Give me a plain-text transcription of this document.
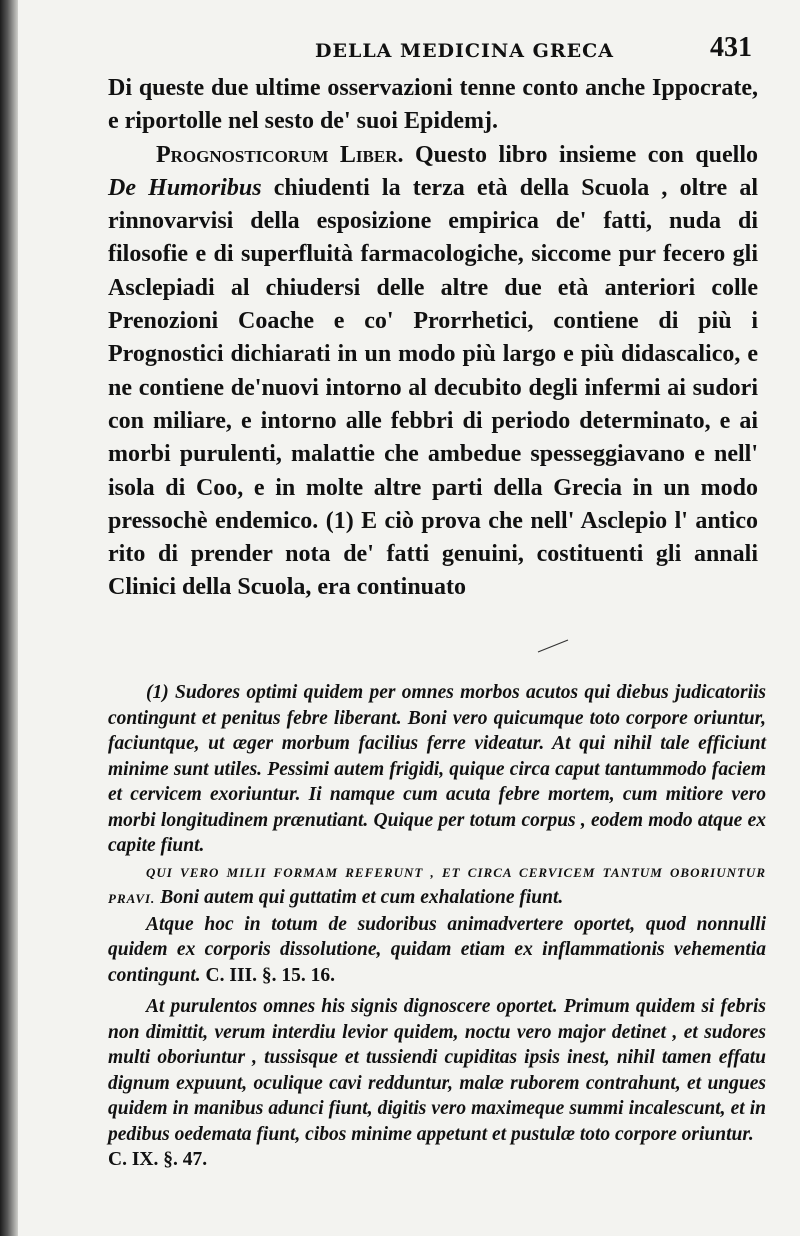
DELLA MEDICINA GRECA	431

Di queste due ultime osservazioni tenne conto anche Ippocrate, e riportolle nel sesto de' suoi Epidemj.

Prognosticorum Liber. Questo libro insieme con quello De Humoribus chiudenti la terza età della Scuola , oltre al rinnovarvisi della esposizione empirica de' fatti, nuda di filosofie e di superfluità farmacologiche, siccome pur fecero gli Asclepiadi al chiudersi delle altre due età anteriori colle Prenozioni Coache e co' Prorrhetici, contiene di più i Prognostici dichiarati in un modo più largo e più didascalico, e ne contiene de'nuovi intorno al decubito degli infermi ai sudori con miliare, e intorno alle febbri di periodo determinato, e ai morbi purulenti, malattie che ambedue spesseggiavano e nell' isola di Coo, e in molte altre parti della Grecia in un modo pressochè endemico. (1) E ciò prova che nell' Asclepio l' antico rito di prender nota de' fatti genuini, costituenti gli annali Clinici della Scuola, era continuato

(1) Sudores optimi quidem per omnes morbos acutos qui diebus judicatoriis contingunt et penitus febre liberant. Boni vero quicumque toto corpore oriuntur, faciuntque, ut æger morbum facilius ferre videatur. At qui nihil tale efficiunt minime sunt utiles. Pessimi autem frigidi, quique circa caput tantummodo faciem et cervicem exoriuntur. Ii namque cum acuta febre mortem, cum mitiore vero morbi longitudinem prænutiant. Quique per totum corpus , eodem modo atque ex capite fiunt.

QUI VERO MILII FORMAM REFERUNT , ET CIRCA CERVICEM TANTUM OBORIUNTUR PRAVI. Boni autem qui guttatim et cum exhalatione fiunt.

Atque hoc in totum de sudoribus animadvertere oportet, quod nonnulli quidem ex corporis dissolutione, quidam etiam ex inflammationis vehementia contingunt. C. III. §. 15. 16.

At purulentos omnes his signis dignoscere oportet. Primum quidem si febris non dimittit, verum interdiu levior quidem, noctu vero major detinet , et sudores multi oboriuntur , tussisque et tussiendi cupiditas ipsis inest, nihil tamen effatu dignum expuunt, oculique cavi redduntur, malæ ruborem contrahunt, et ungues quidem in manibus adunci fiunt, digitis vero maximeque summi incalescunt, et in pedibus oedemata fiunt, cibos minime appetunt et pustulæ toto corpore oriuntur.

C. IX. §. 47.
